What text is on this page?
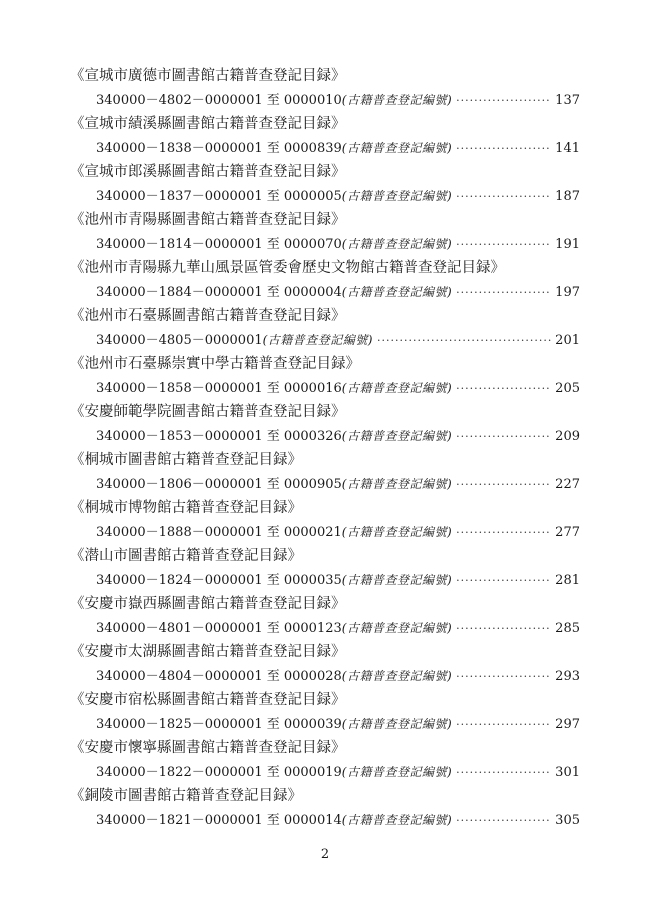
《宣城市廣德市圖書館古籍普查登記目録》
340000－4802－0000001 至 0000010 (古籍普查登記編號) ·····	137
《宣城市績溪縣圖書館古籍普查登記目録》
340000－1838－0000001 至 0000839 (古籍普查登記編號) ·····	141
《宣城市郎溪縣圖書館古籍普查登記目録》
340000－1837－0000001 至 0000005 (古籍普查登記編號) ·····	187
《池州市青陽縣圖書館古籍普查登記目録》
340000－1814－0000001 至 0000070 (古籍普查登記編號) ·····	191
《池州市青陽縣九華山風景區管委會歷史文物館古籍普查登記目録》
340000－1884－0000001 至 0000004 (古籍普查登記編號) ·····	197
《池州市石臺縣圖書館古籍普查登記目録》
340000－4805－0000001 (古籍普查登記編號) ·····	201
《池州市石臺縣崇實中學古籍普查登記目録》
340000－1858－0000001 至 0000016 (古籍普查登記編號) ·····	205
《安慶師範學院圖書館古籍普查登記目録》
340000－1853－0000001 至 0000326 (古籍普查登記編號) ·····	209
《桐城市圖書館古籍普查登記目録》
340000－1806－0000001 至 0000905 (古籍普查登記編號) ·····	227
《桐城市博物館古籍普查登記目録》
340000－1888－0000001 至 0000021 (古籍普查登記編號) ·····	277
《潜山市圖書館古籍普查登記目録》
340000－1824－0000001 至 0000035 (古籍普查登記編號) ·····	281
《安慶市嶽西縣圖書館古籍普查登記目録》
340000－4801－0000001 至 0000123 (古籍普查登記編號) ·····	285
《安慶市太湖縣圖書館古籍普查登記目録》
340000－4804－0000001 至 0000028 (古籍普查登記編號) ·····	293
《安慶市宿松縣圖書館古籍普查登記目録》
340000－1825－0000001 至 0000039 (古籍普查登記編號) ·····	297
《安慶市懷寧縣圖書館古籍普查登記目録》
340000－1822－0000001 至 0000019 (古籍普查登記編號) ·····	301
《銅陵市圖書館古籍普查登記目録》
340000－1821－0000001 至 0000014 (古籍普查登記編號) ·····	305
2
